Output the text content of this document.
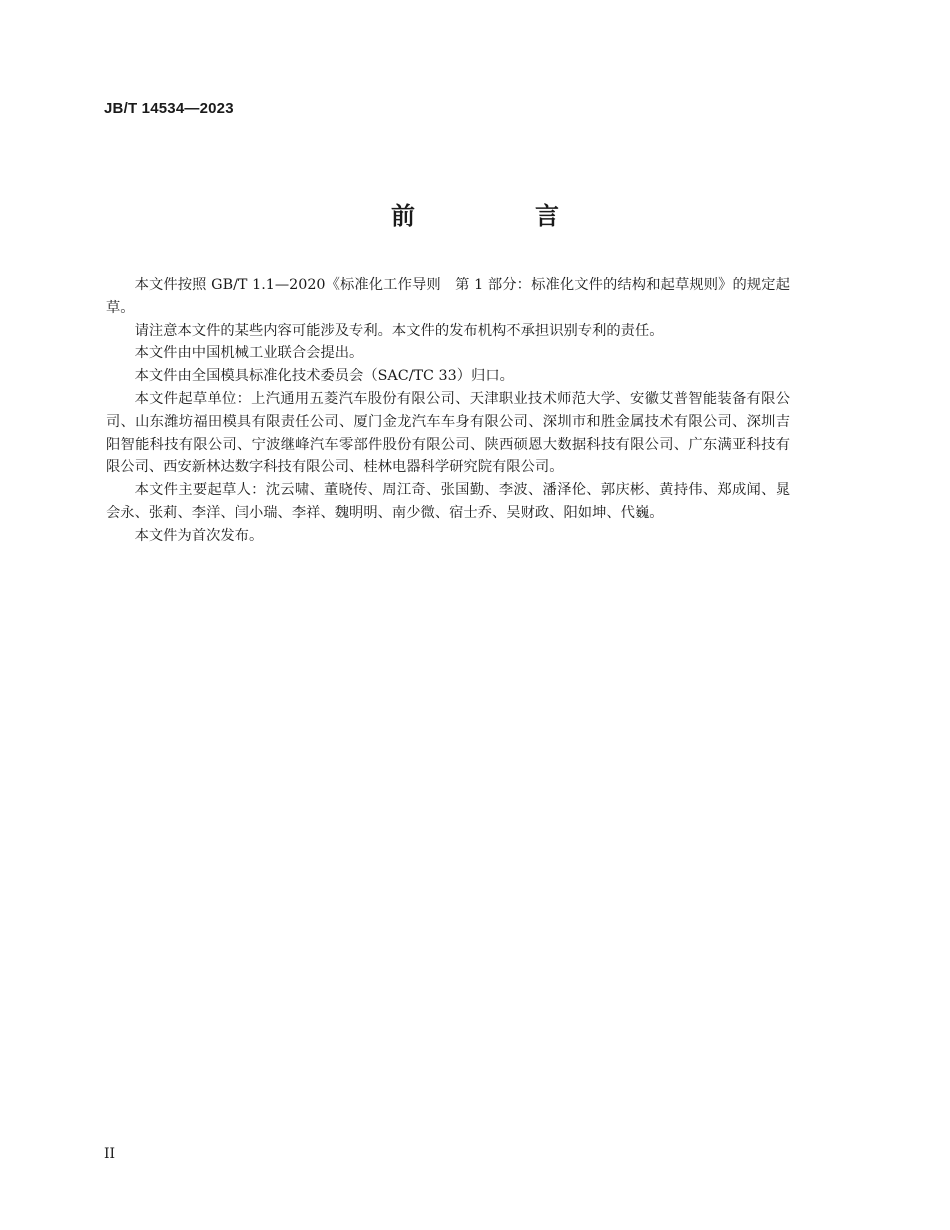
JB/T 14534—2023
前　言

本文件按照 GB/T 1.1—2020《标准化工作导则　第 1 部分：标准化文件的结构和起草规则》的规定起草。

请注意本文件的某些内容可能涉及专利。本文件的发布机构不承担识别专利的责任。

本文件由中国机械工业联合会提出。

本文件由全国模具标准化技术委员会（SAC/TC 33）归口。

本文件起草单位：上汽通用五菱汽车股份有限公司、天津职业技术师范大学、安徽艾普智能装备有限公司、山东潍坊福田模具有限责任公司、厦门金龙汽车车身有限公司、深圳市和胜金属技术有限公司、深圳吉阳智能科技有限公司、宁波继峰汽车零部件股份有限公司、陕西硕恩大数据科技有限公司、广东满亚科技有限公司、西安新林达数字科技有限公司、桂林电器科学研究院有限公司。

本文件主要起草人：沈云啸、董晓传、周江奇、张国勤、李波、潘泽伦、郭庆彬、黄持伟、郑成闻、晁会永、张莉、李洋、闫小瑞、李祥、魏明明、南少微、宿士乔、吴财政、阳如坤、代巍。

本文件为首次发布。

II
